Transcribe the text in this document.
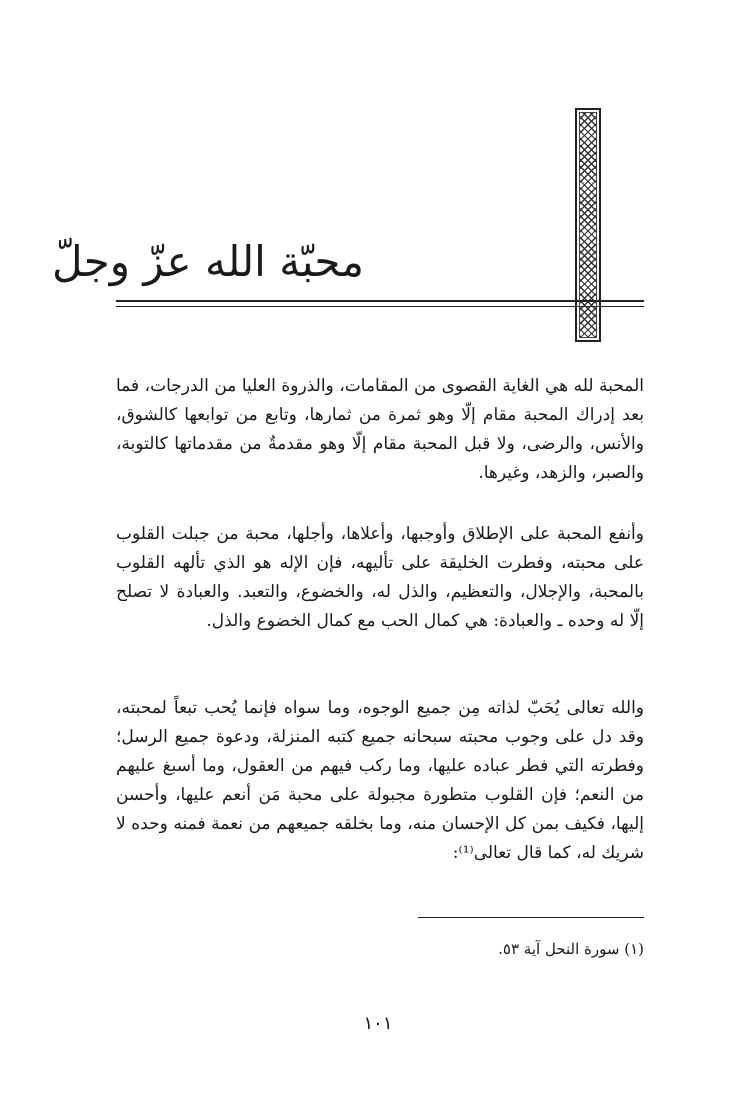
محبّة الله عزّ وجلّ

المحبة لله هي الغاية القصوى من المقامات، والذروة العليا من الدرجات، فما بعد إدراك المحبة مقام إلّا وهو ثمرة من ثمارها، وتابع من توابعها كالشوق، والأنس، والرضى، ولا قبل المحبة مقام إلّا وهو مقدمةٌ من مقدماتها كالتوبة، والصبر، والزهد، وغيرها.

وأنفع المحبة على الإطلاق وأوجبها، وأعلاها، وأجلها، محبة من جبلت القلوب على محبته، وفطرت الخليقة على تأليهه، فإن الإله هو الذي تألهه القلوب بالمحبة، والإجلال، والتعظيم، والذل له، والخضوع، والتعبد. والعبادة لا تصلح إلّا له وحده ـ والعبادة: هي كمال الحب مع كمال الخضوع والذل.

والله تعالى يُحَبّ لذاته مِن جميع الوجوه، وما سواه فإنما يُحب تبعاً لمحبته، وقد دل على وجوب محبته سبحانه جميع كتبه المنزلة، ودعوة جميع الرسل؛ وفطرته التي فطر عباده عليها، وما ركب فيهم من العقول، وما أسبغ عليهم من النعم؛ فإن القلوب متطورة مجبولة على محبة مَن أنعم عليها، وأحسن إليها، فكيف بمن كل الإحسان منه، وما بخلقه جميعهم من نعمة فمنه وحده لا شريك له، كما قال تعالى⁽¹⁾:

(١) سورة النحل آية ٥٣.

١٠١
